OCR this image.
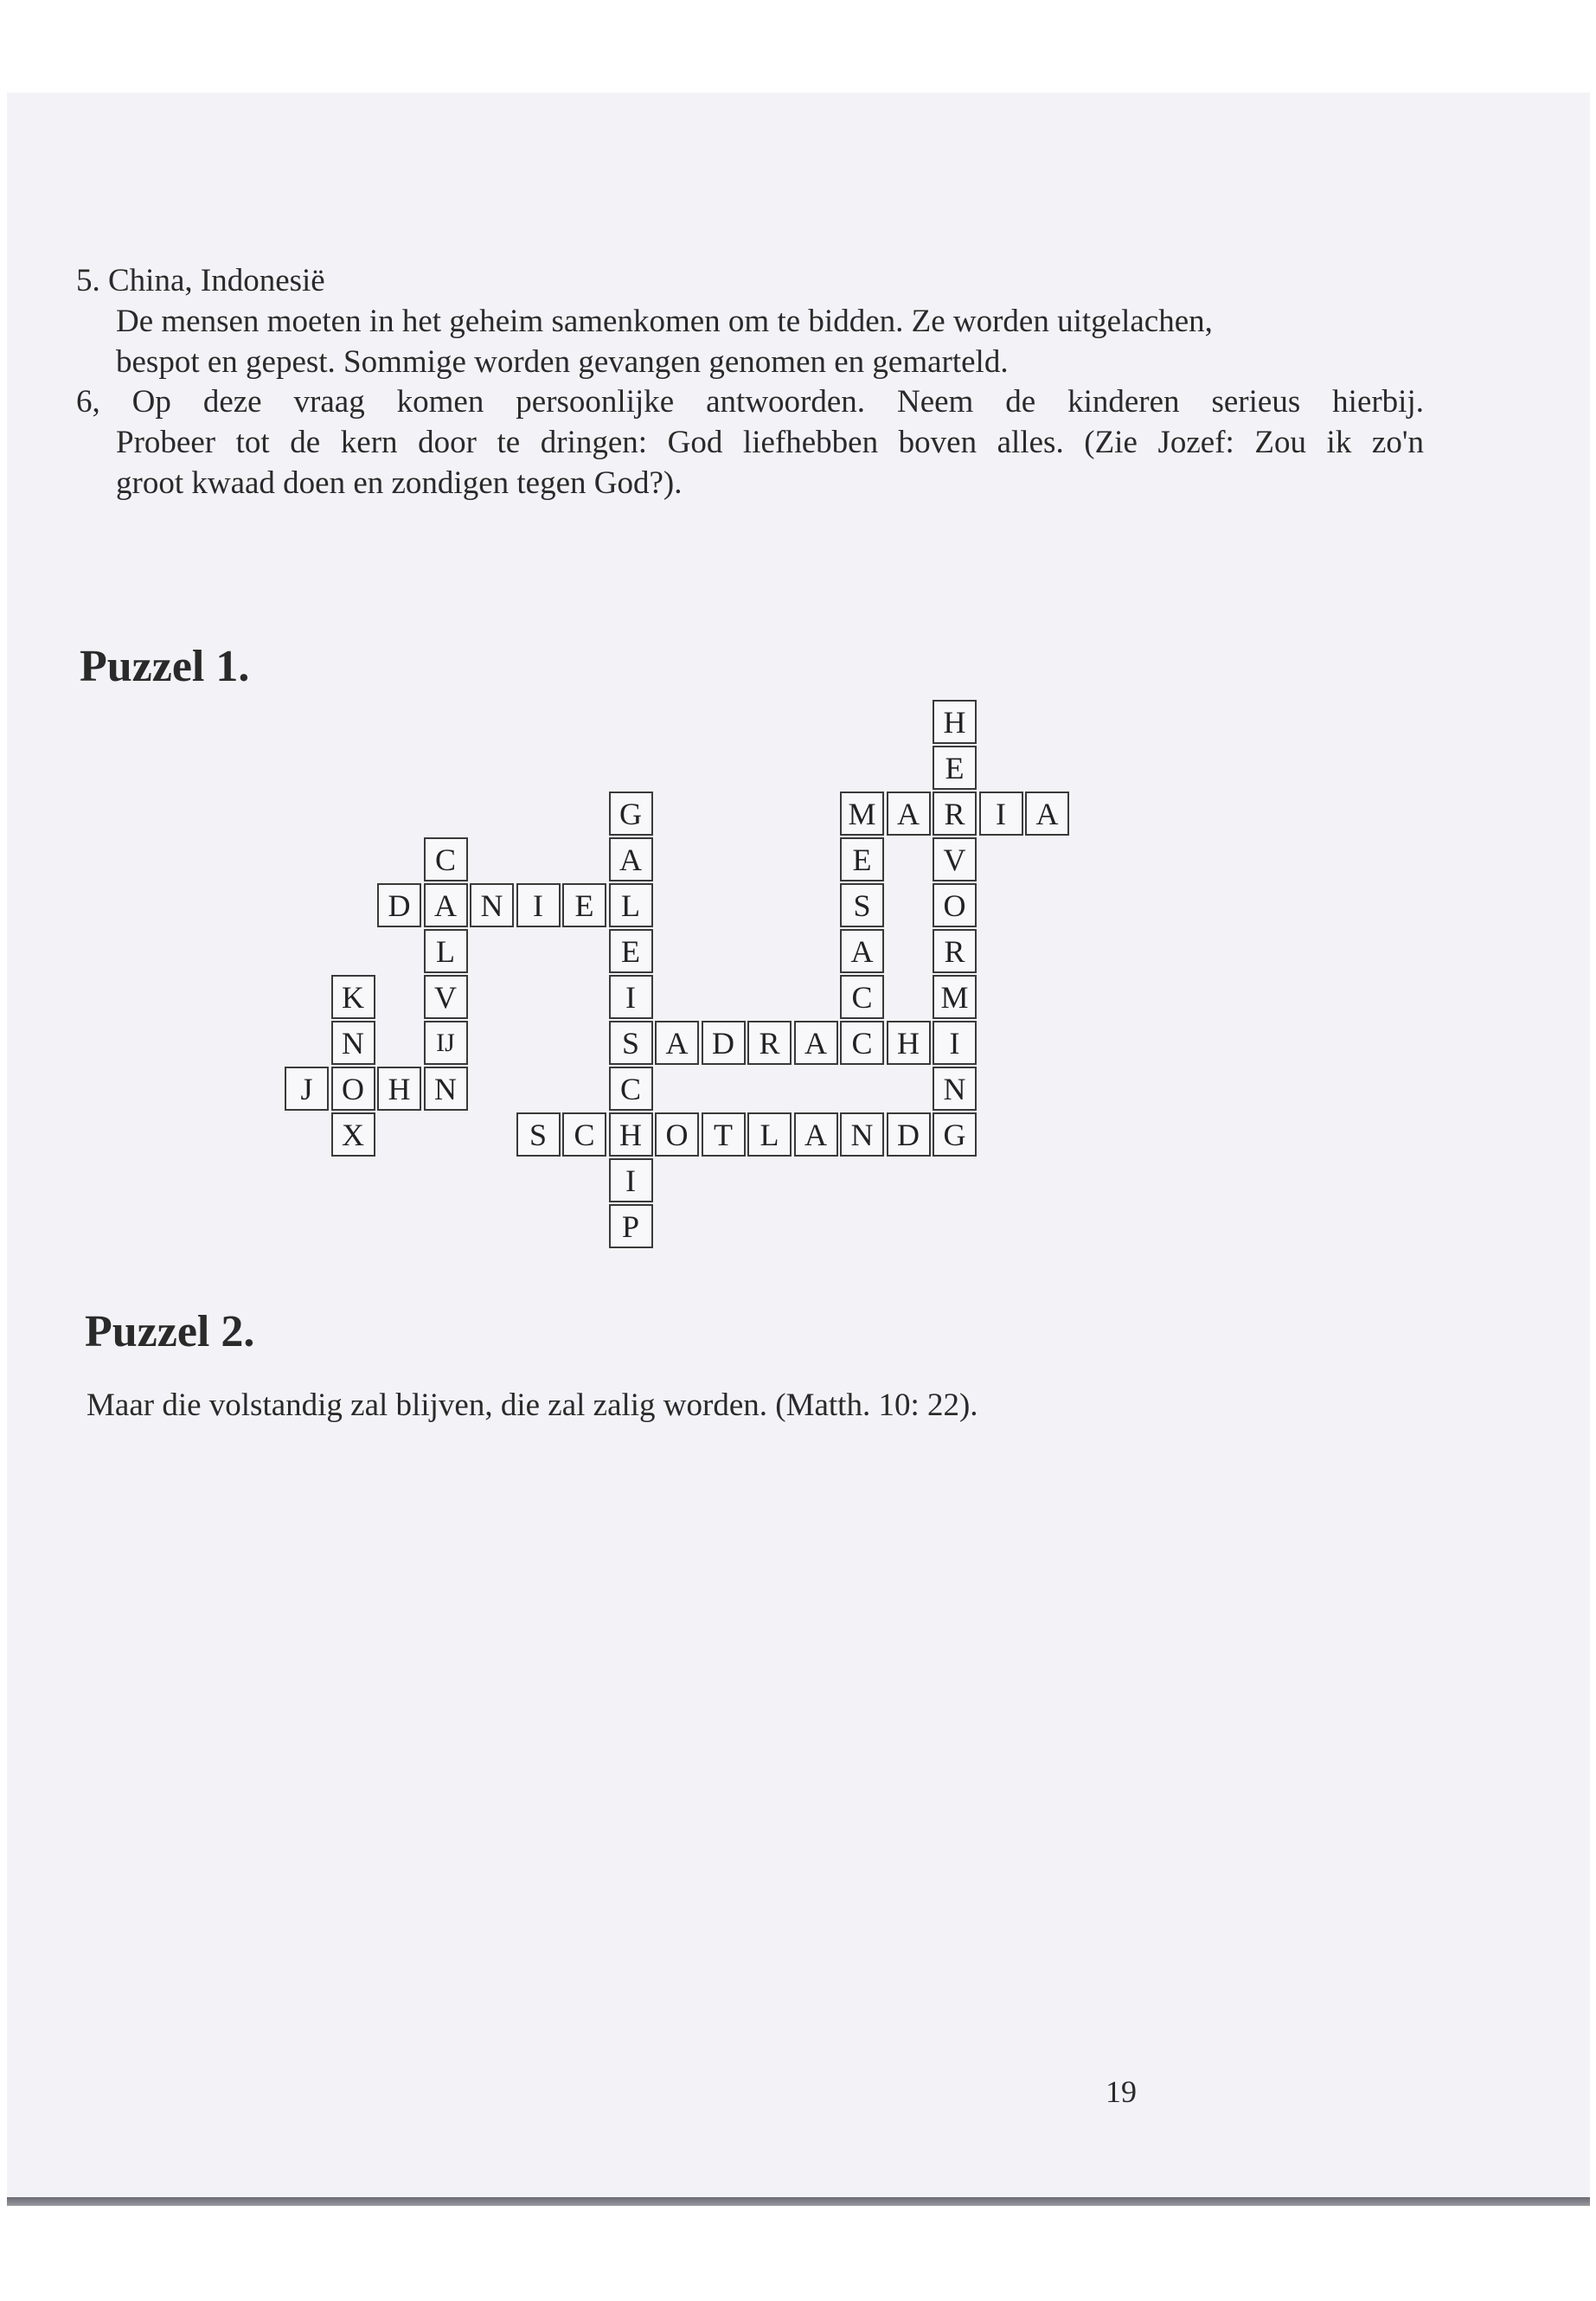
5. China, Indonesië
De mensen moeten in het geheim samenkomen om te bidden. Ze worden uitgelachen,
bespot en gepest. Sommige worden gevangen genomen en gemarteld.
6, Op deze vraag komen persoonlijke antwoorden. Neem de kinderen serieus hierbij.
Probeer tot de kern door te dringen: God liefhebben boven alles. (Zie Jozef: Zou ik zo'n
groot kwaad doen en zondigen tegen God?).
Puzzel 1.
D A N I	E L
C
L
V
IJ
N
K
N
O
X
J	H
G
A
E
I
S
C
H
I
P
A D R A C H
S C	O T L A N D
M
E
S
A
C
A R I A
H
E
V
O
R
M
I
N
G
Puzzel 2.
Maar die volstandig zal blijven, die zal zalig worden. (Matth. 10: 22).
19
